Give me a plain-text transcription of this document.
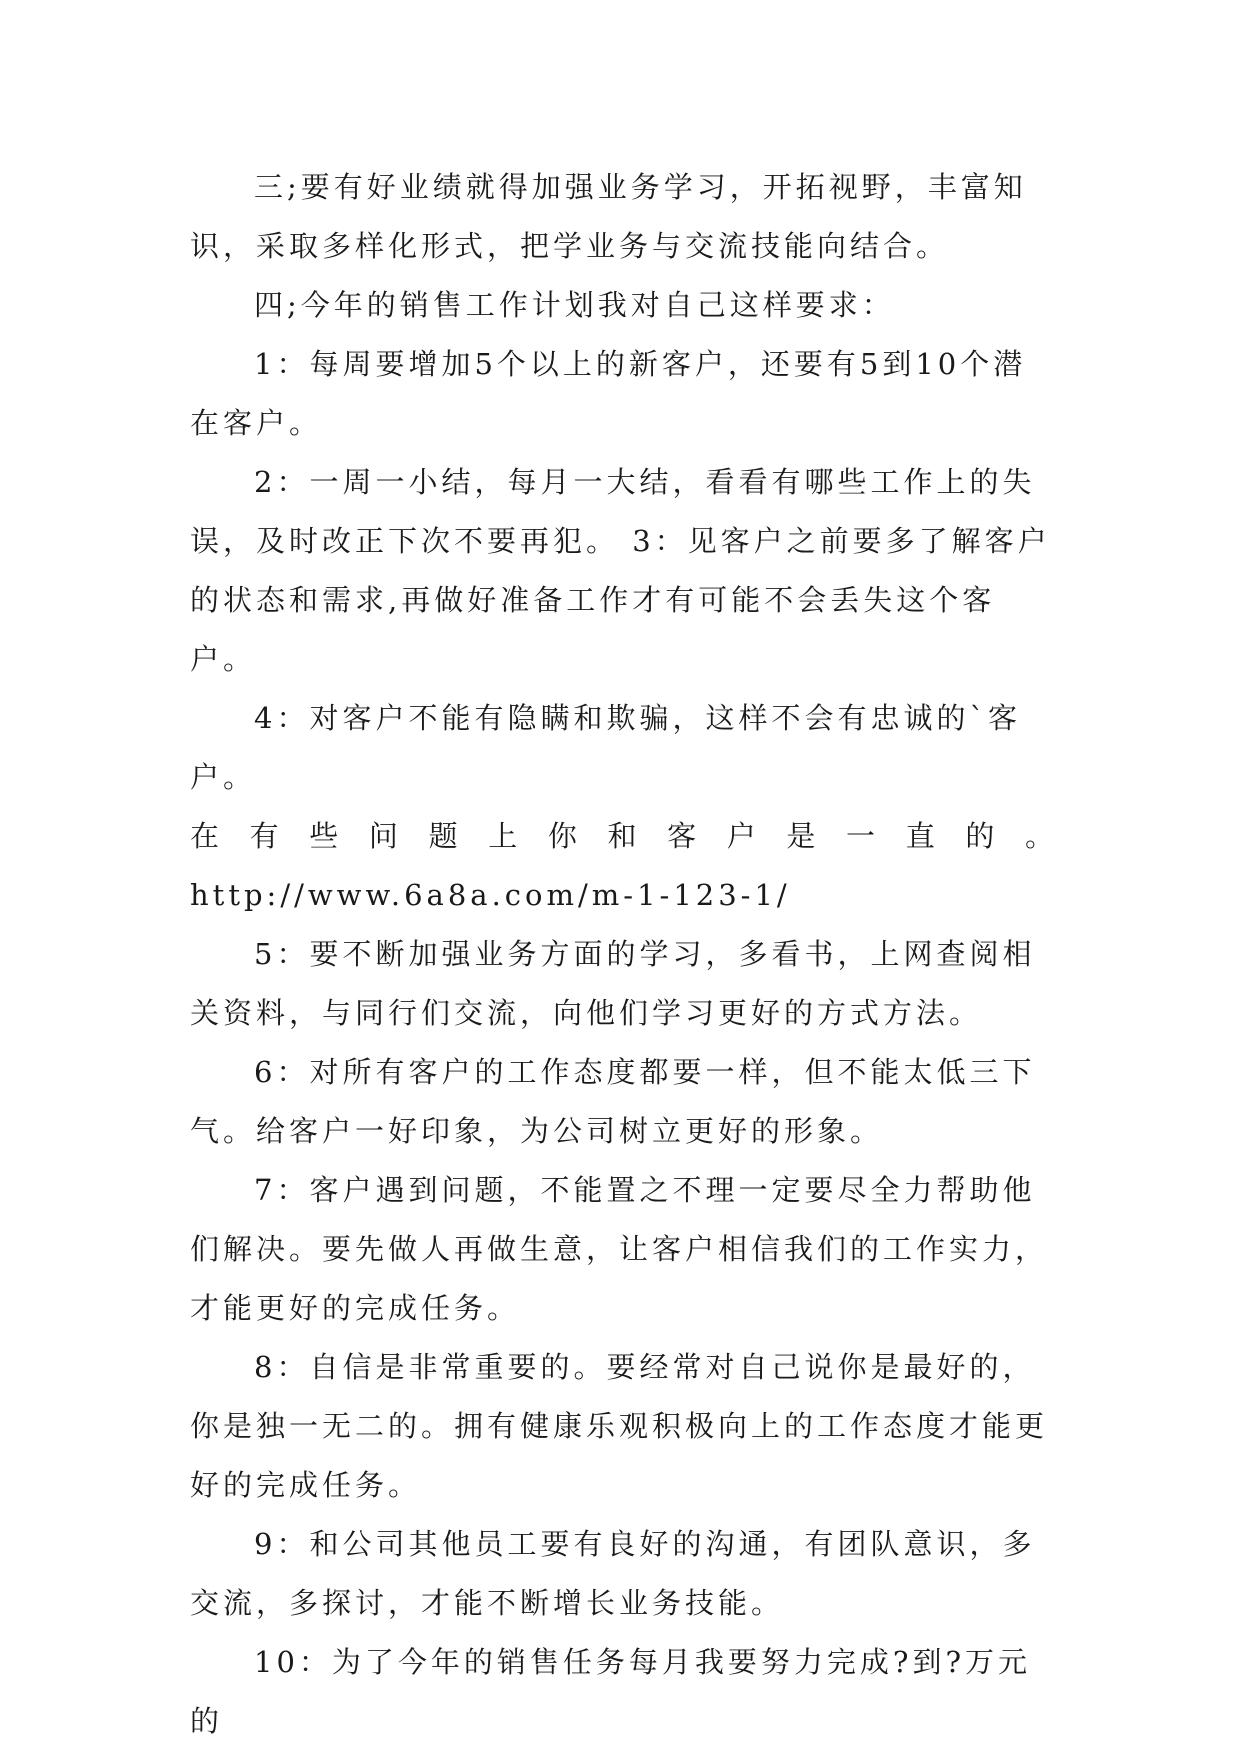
三;要有好业绩就得加强业务学习，开拓视野，丰富知识，采取多样化形式，把学业务与交流技能向结合。

四;今年的销售工作计划我对自己这样要求：

1：每周要增加5个以上的新客户，还要有5到10个潜在客户。

2：一周一小结，每月一大结，看看有哪些工作上的失误，及时改正下次不要再犯。 3：见客户之前要多了解客户的状态和需求,再做好准备工作才有可能不会丢失这个客户。

4：对客户不能有隐瞒和欺骗，这样不会有忠诚的`客户。

在有些问题上你和客户是一直的。

http://www.6a8a.com/m-1-123-1/

5：要不断加强业务方面的学习，多看书，上网查阅相关资料，与同行们交流，向他们学习更好的方式方法。

6：对所有客户的工作态度都要一样，但不能太低三下气。给客户一好印象，为公司树立更好的形象。

7：客户遇到问题，不能置之不理一定要尽全力帮助他们解决。要先做人再做生意，让客户相信我们的工作实力，才能更好的完成任务。

8：自信是非常重要的。要经常对自己说你是最好的，你是独一无二的。拥有健康乐观积极向上的工作态度才能更好的完成任务。

9：和公司其他员工要有良好的沟通，有团队意识，多交流，多探讨，才能不断增长业务技能。

10：为了今年的销售任务每月我要努力完成?到?万元的
